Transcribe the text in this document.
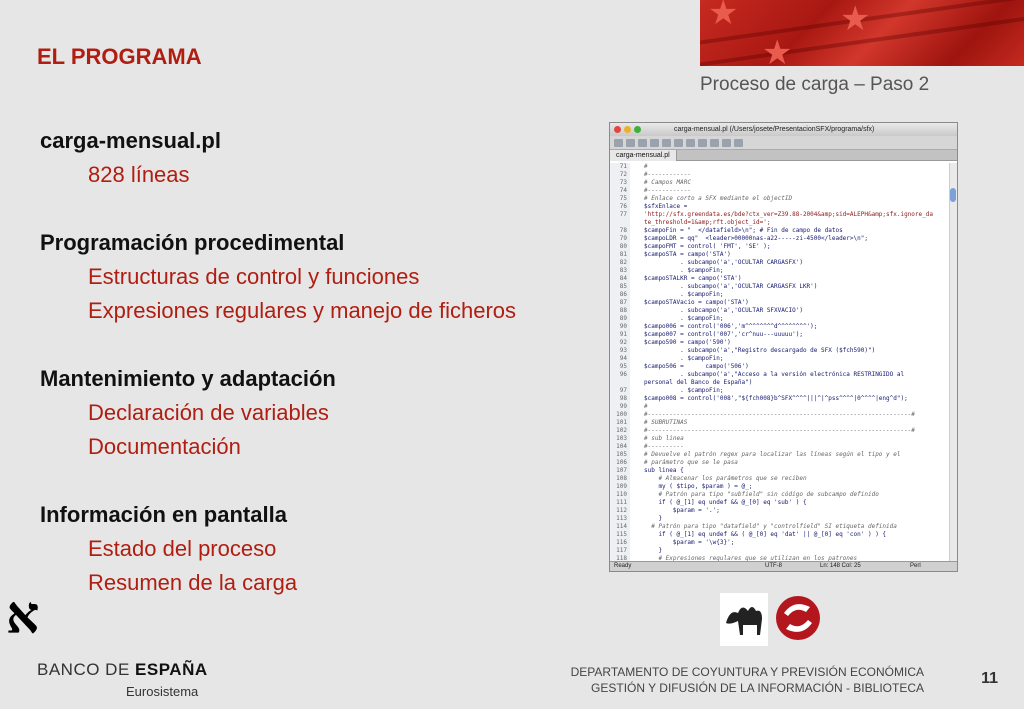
★
★
★
EL PROGRAMA
Proceso de carga – Paso 2
carga-mensual.pl
828 líneas
Programación procedimental
Estructuras de control y funciones
Expresiones regulares y manejo de ficheros
Mantenimiento y adaptación
Declaración de variables
Documentación
Información en pantalla
Estado del proceso
Resumen de la carga
carga-mensual.pl (/Users/josete/PresentacionSFX/programa/sfx)
carga-mensual.pl
71	#
72	#------------
73	# Campos MARC
74	#------------
75	# Enlace corto a SFX mediante el objectID
76	$sfxEnlace =
77	'http://sfx.greendata.es/bde?ctx_ver=Z39.88-2004&amp;sid=ALEPH&amp;sfx.ignore_da
te_threshold=1&amp;rft.object_id=';
78	$campoFin = "  </datafield>\n"; # Fin de campo de datos
79	$campoLDR = qq"  <leader>00000nas-a22-----zi-4500</leader>\n";
80	$campoFMT = control( 'FMT', 'SE' );
81	$campoSTA = campo('STA')
82	. subcampo('a','OCULTAR CARGASFX')
83	. $campoFin;
84	$campoSTALKR = campo('STA')
85	. subcampo('a','OCULTAR CARGASFX LKR')
86	. $campoFin;
87	$campoSTAVacio = campo('STA')
88	. subcampo('a','OCULTAR SFXVACIO')
89	. $campoFin;
90	$campo006 = control('006','m^^^^^^^^d^^^^^^^^');
91	$campo007 = control('007','cr^nuu---uuuuu');
92	$campo590 = campo('590')
93	. subcampo('a',"Registro descargado de SFX ($fch590)")
94	. $campoFin;
95	$campo506 =      campo('506')
96	. subcampo('a',"Acceso a la versión electrónica RESTRINGIDO al
personal del Banco de España")
97	. $campoFin;
98	$campo008 = control('008',"${fch008}b^SFX^^^^|||^|^pss^^^^|0^^^^|eng^d");
99	#
100	#-------------------------------------------------------------------------#
101	# SUBRUTINAS
102	#-------------------------------------------------------------------------#
103	# sub linea
104	#----------
105	# Devuelve el patrón regex para localizar las líneas según el tipo y el
106	# parámetro que se le pasa
107	sub linea {
108	# Almacenar los parámetros que se reciben
109	my ( $tipo, $param ) = @_;
110	# Patrón para tipo "subfield" sin código de subcampo definido
111	if ( @_[1] eq undef && @_[0] eq 'sub' ) {
112	$param = '.';
113	}
114	# Patrón para tipo "datafield" y "controlfield" SI etiqueta definida
115	if ( @_[1] eq undef && ( @_[0] eq 'dat' || @_[0] eq 'con' ) ) {
116	$param = '\w{3}';
117	}
118	# Expresiones regulares que se utilizan en los patrones
Ready	UTF-8	Ln: 148 Col: 25	Perl
א
BANCO DE ESPAÑA
Eurosistema
DEPARTAMENTO DE COYUNTURA Y PREVISIÓN ECONÓMICA
GESTIÓN Y DIFUSIÓN DE LA INFORMACIÓN - BIBLIOTECA
11
